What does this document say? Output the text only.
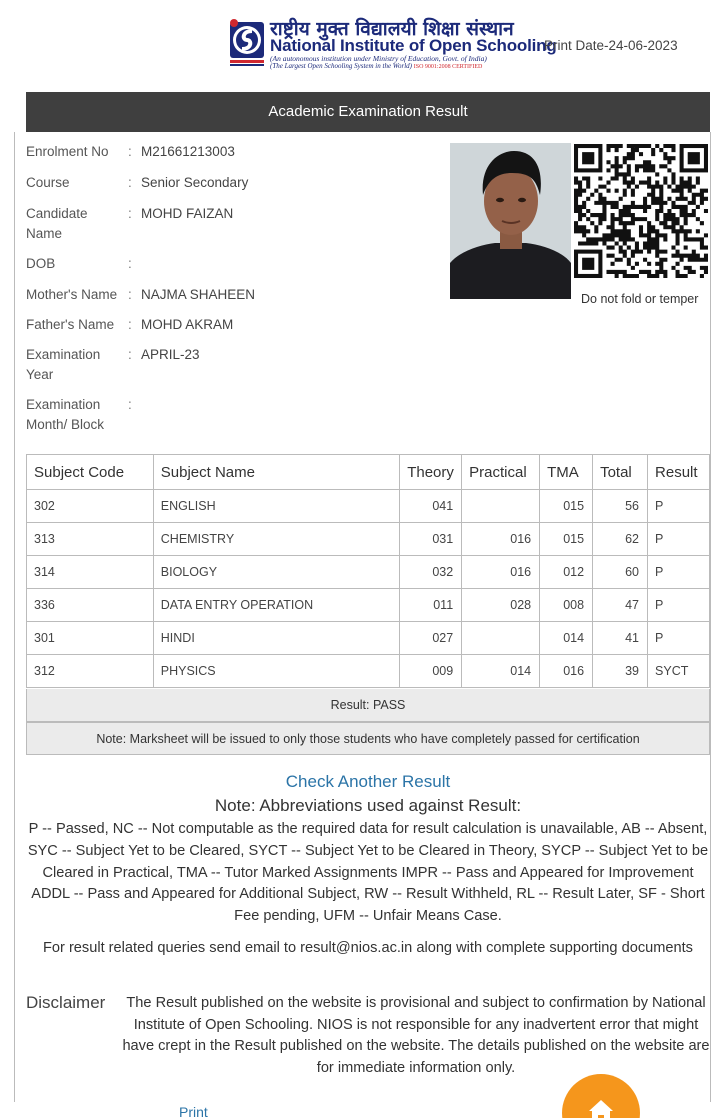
राष्ट्रीय मुक्त विद्यालयी शिक्षा संस्थान
National Institute of Open Schooling
(An autonomous institution under Ministry of Education, Govt. of India)
(The Largest Open Schooling System in the World) ISO 9001:2008 CERTIFIED
Print Date-24-06-2023
Academic Examination Result
Enrolment No	: M21661213003
Course	: Senior Secondary
Candidate Name
: MOHD FAIZAN
DOB	:
Mother's Name : NAJMA SHAHEEN
Father's Name	: MOHD AKRAM
Examination Year
: APRIL-23
Examination Month/ Block
:
Do not fold or temper
Subject Code	Subject Name	Theory	Practical	TMA	Total	Result
302	ENGLISH	041		015	56	P
313	CHEMISTRY	031	016	015	62	P
314	BIOLOGY	032	016	012	60	P
336	DATA ENTRY OPERATION	011	028	008	47	P
301	HINDI	027		014	41	P
312	PHYSICS	009	014	016	39	SYCT
Result: PASS
Note: Marksheet will be issued to only those students who have completely passed for certification
Check Another Result
Note: Abbreviations used against Result:
P -- Passed, NC -- Not computable as the required data for result calculation is unavailable, AB -- Absent, SYC -- Subject Yet to be Cleared, SYCT -- Subject Yet to be Cleared in Theory, SYCP -- Subject Yet to be Cleared in Practical, TMA -- Tutor Marked Assignments IMPR -- Pass and Appeared for Improvement ADDL -- Pass and Appeared for Additional Subject, RW -- Result Withheld, RL -- Result Later, SF - Short Fee pending, UFM -- Unfair Means Case.
For result related queries send email to result@nios.ac.in along with complete supporting documents
Disclaimer	The Result published on the website is provisional and subject to confirmation by National Institute of Open Schooling. NIOS is not responsible for any inadvertent error that might have crept in the Result published on the website. The details published on the website are for immediate information only.
Print
